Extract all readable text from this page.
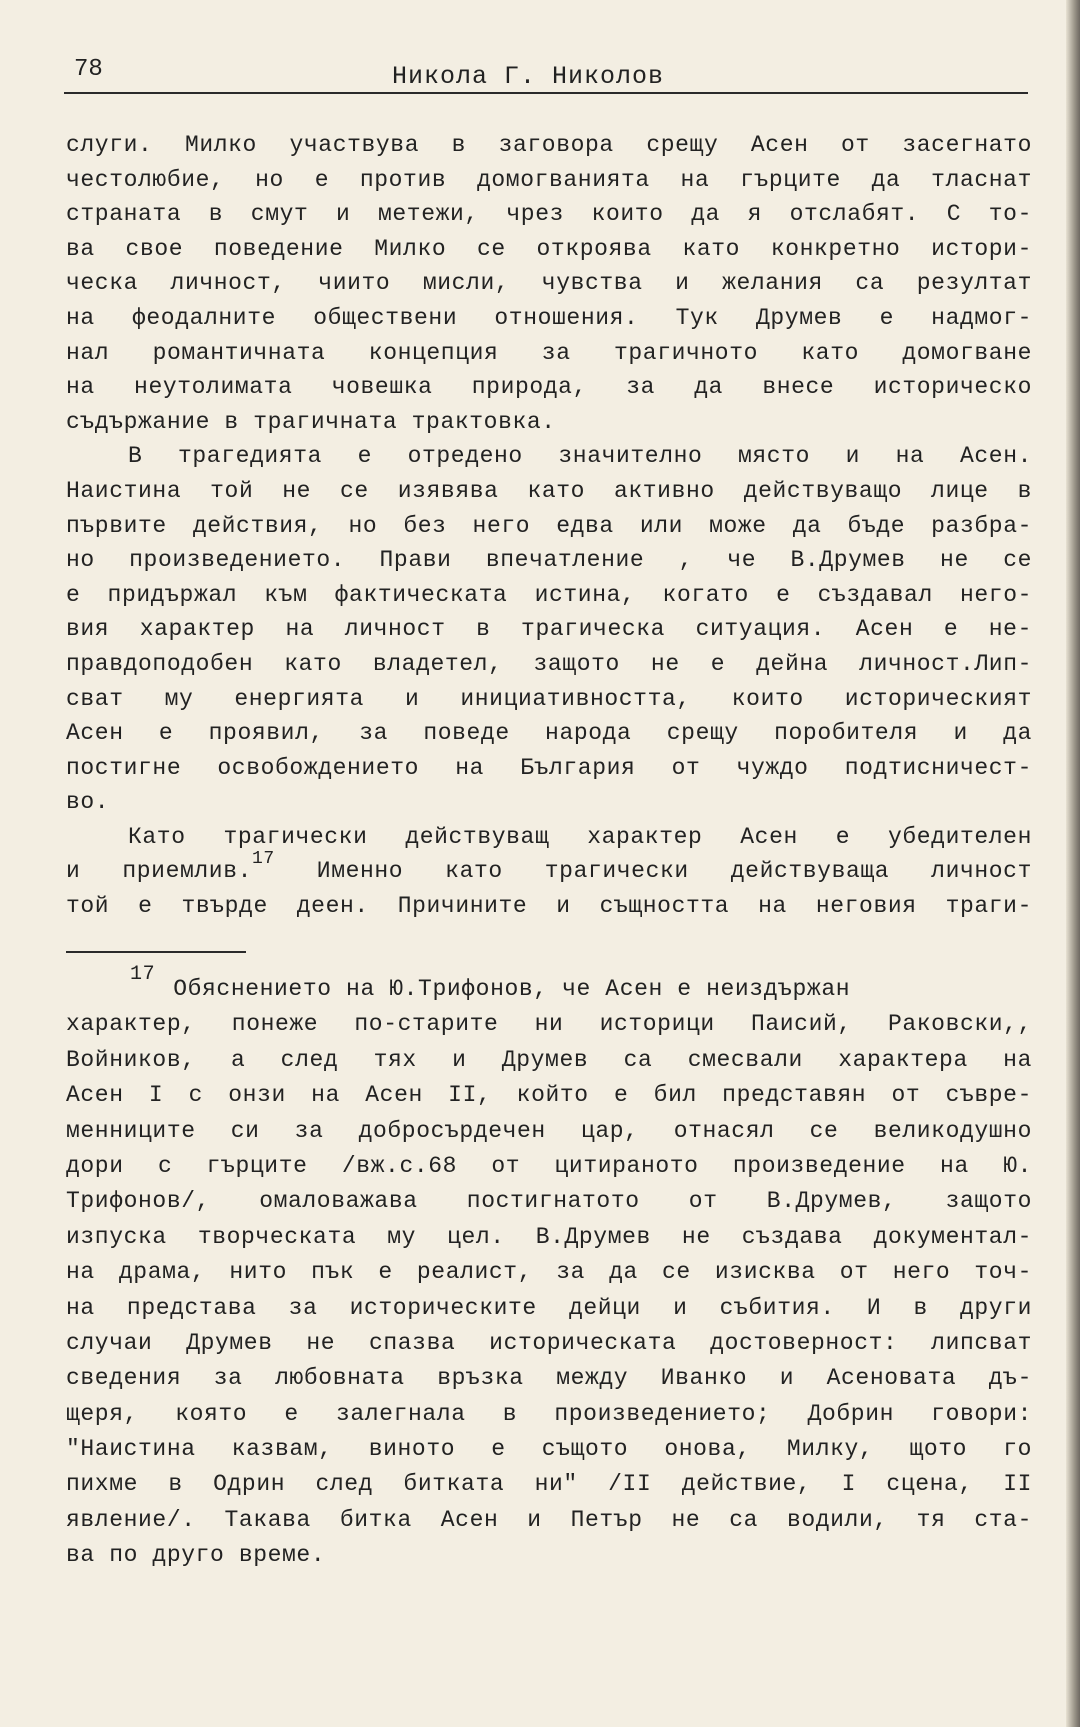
78	Никола Г. Николов
слуги. Милко участвува в заговора срещу Асен от засегнато
честолюбие, но е против домогванията на гърците да тласнат
страната в смут и метежи, чрез които да я отслабят. С то-
ва свое поведение Милко се откроява като конкретно истори-
ческа личност, чиито мисли, чувства и желания са резултат
на феодалните обществени отношения. Тук Друмев е надмог-
нал романтичната концепция за трагичното като домогване
на неутолимата човешка природа, за да внесе историческо
съдържание в трагичната трактовка.
В трагедията е отредено значително място и на Асен.
Наистина той не се изявява като активно действуващо лице в
първите действия, но без него едва или може да бъде разбра-
но произведението. Прави впечатление , че В.Друмев не се
е придържал към фактическата истина, когато е създавал него-
вия характер на личност в трагическа ситуация. Асен е не-
правдоподобен като владетел, защото не е дейна личност.Лип-
сват му енергията и инициативността, които историческият
Асен е проявил, за поведе народа срещу поробителя и да
постигне освобождението на България от чуждо подтисничест-
во.
Като трагически действуващ характер Асен е убедителен
и приемлив.$^{17}$ Именно като трагически действуваща личност
той е твърде деен. Причините и същността на неговия траги-
17Обяснението на Ю.Трифонов, че Асен е неиздържан
характер, понеже по-старите ни историци Паисий, Раковски,,
Войников, а след тях и Друмев са смесвали характера на
Асен I с онзи на Асен II, който е бил представян от съвре-
менниците си за добросърдечен цар, отнасял се великодушно
дори с гърците /вж.с.68 от цитираното произведение на Ю.
Трифонов/, омаловажава постигнатото от В.Друмев, защото
изпуска творческата му цел. В.Друмев не създава документал-
на драма, нито пък е реалист, за да се изисква от него точ-
на представа за историческите дейци и събития. И в други
случаи Друмев не спазва историческата достоверност: липсват
сведения за любовната връзка между Иванко и Асеновата дъ-
щеря, която е залегнала в произведението; Добрин говори:
"Наистина казвам, виното е същото онова, Милку, щото го
пихме в Одрин след битката ни" /II действие, I сцена, II
явление/. Такава битка Асен и Петър не са водили, тя ста-
ва по друго време.
